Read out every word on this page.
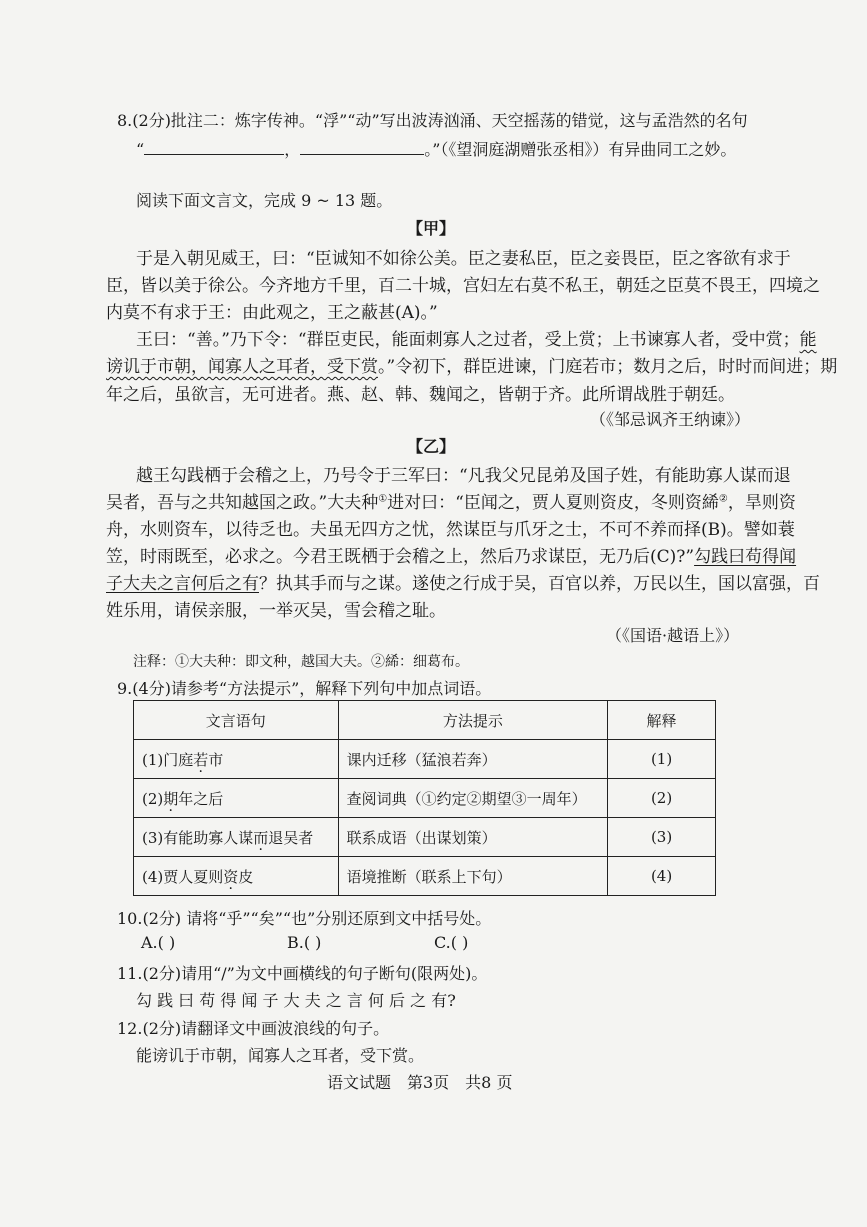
8.(2分)批注二：炼字传神。“浮”“动”写出波涛汹涌、天空摇荡的错觉，这与孟浩然的名句
“	，	。”（《望洞庭湖赠张丞相》）有异曲同工之妙。
阅读下面文言文，完成 9 ~ 13 题。
【甲】
于是入朝见威王，曰：“臣诚知不如徐公美。臣之妻私臣，臣之妾畏臣，臣之客欲有求于
臣，皆以美于徐公。今齐地方千里，百二十城，宫妇左右莫不私王，朝廷之臣莫不畏王，四境之
内莫不有求于王：由此观之，王之蔽甚(A)。”
王曰：“善。”乃下令：“群臣吏民，能面刺寡人之过者，受上赏；上书谏寡人者，受中赏；能
谤讥于市朝，闻寡人之耳者，受下赏。”令初下，群臣进谏，门庭若市；数月之后，时时而间进；期
年之后，虽欲言，无可进者。燕、赵、韩、魏闻之，皆朝于齐。此所谓战胜于朝廷。
（《邹忌讽齐王纳谏》）
【乙】
越王勾践栖于会稽之上，乃号令于三军曰：“凡我父兄昆弟及国子姓，有能助寡人谋而退
吴者，吾与之共知越国之政。”大夫种①进对曰：“臣闻之，贾人夏则资皮，冬则资絺②，旱则资
舟，水则资车，以待乏也。夫虽无四方之忧，然谋臣与爪牙之士，不可不养而择(B)。譬如蓑
笠，时雨既至，必求之。今君王既栖于会稽之上，然后乃求谋臣，无乃后(C)?”勾践曰苟得闻
子大夫之言何后之有？执其手而与之谋。遂使之行成于吴，百官以养，万民以生，国以富强，百
姓乐用，请侯亲服，一举灭吴，雪会稽之耻。
（《国语·越语上》）
注释：①大夫种：即文种，越国大夫。②絺：细葛布。
9.(4分)请参考“方法提示”，解释下列句中加点词语。
文言语句	方法提示	解释
(1)门庭若市	课内迁移（猛浪若奔）	(1)
(2)期年之后	查阅词典（①约定②期望③一周年）	(2)
(3)有能助寡人谋而退吴者	联系成语（出谋划策）	(3)
(4)贾人夏则资皮	语境推断（联系上下句）	(4)
10.(2分) 请将“乎”“矣”“也”分别还原到文中括号处。
A.( )	B.( )	C.( )
11.(2分)请用“/”为文中画横线的句子断句(限两处)。
勾 践 曰 苟 得 闻 子 大 夫 之 言 何 后 之 有?
12.(2分)请翻译文中画波浪线的句子。
能谤讥于市朝，闻寡人之耳者，受下赏。
语文试题　第3页　共8 页
